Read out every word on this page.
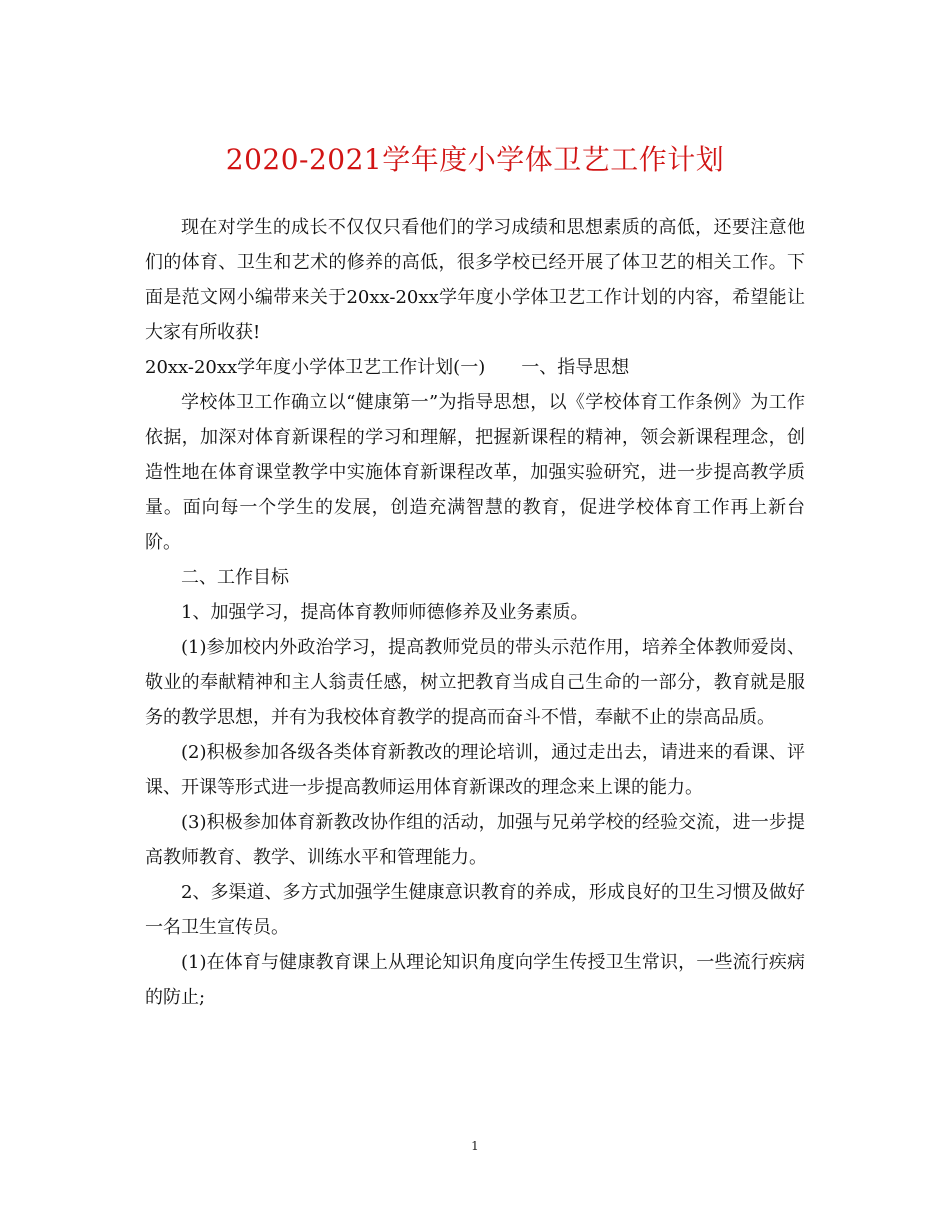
2020-2021学年度小学体卫艺工作计划

现在对学生的成长不仅仅只看他们的学习成绩和思想素质的高低，还要注意他们的体育、卫生和艺术的修养的高低，很多学校已经开展了体卫艺的相关工作。下面是范文网小编带来关于20xx-20xx学年度小学体卫艺工作计划的内容，希望能让大家有所收获!

20xx-20xx学年度小学体卫艺工作计划(一) 一、指导思想

学校体卫工作确立以“健康第一”为指导思想，以《学校体育工作条例》为工作依据，加深对体育新课程的学习和理解，把握新课程的精神，领会新课程理念，创造性地在体育课堂教学中实施体育新课程改革，加强实验研究，进一步提高教学质量。面向每一个学生的发展，创造充满智慧的教育，促进学校体育工作再上新台阶。

二、工作目标

1、加强学习，提高体育教师师德修养及业务素质。

(1)参加校内外政治学习，提高教师党员的带头示范作用，培养全体教师爱岗、敬业的奉献精神和主人翁责任感，树立把教育当成自己生命的一部分，教育就是服务的教学思想，并有为我校体育教学的提高而奋斗不惜，奉献不止的崇高品质。

(2)积极参加各级各类体育新教改的理论培训，通过走出去，请进来的看课、评课、开课等形式进一步提高教师运用体育新课改的理念来上课的能力。

(3)积极参加体育新教改协作组的活动，加强与兄弟学校的经验交流，进一步提高教师教育、教学、训练水平和管理能力。

2、多渠道、多方式加强学生健康意识教育的养成，形成良好的卫生习惯及做好一名卫生宣传员。

(1)在体育与健康教育课上从理论知识角度向学生传授卫生常识，一些流行疾病的防止;

1
